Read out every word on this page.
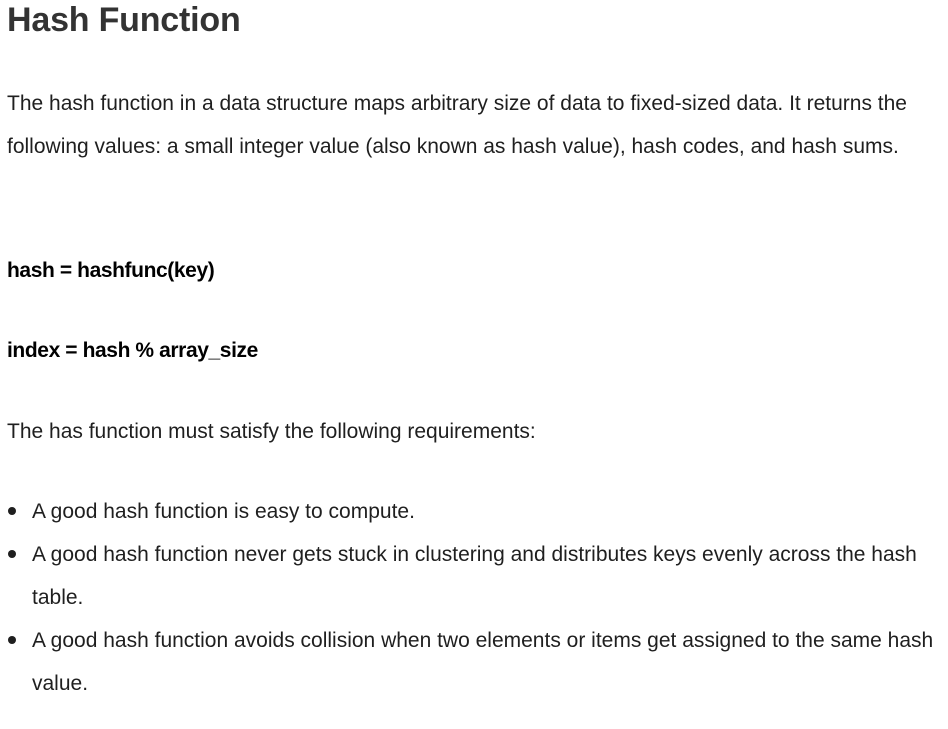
Hash Function

The hash function in a data structure maps arbitrary size of data to fixed-sized data. It returns the following values: a small integer value (also known as hash value), hash codes, and hash sums.

hash = hashfunc(key)

index = hash % array_size

The has function must satisfy the following requirements:

A good hash function is easy to compute.
A good hash function never gets stuck in clustering and distributes keys evenly across the hash table.
A good hash function avoids collision when two elements or items get assigned to the same hash value.
